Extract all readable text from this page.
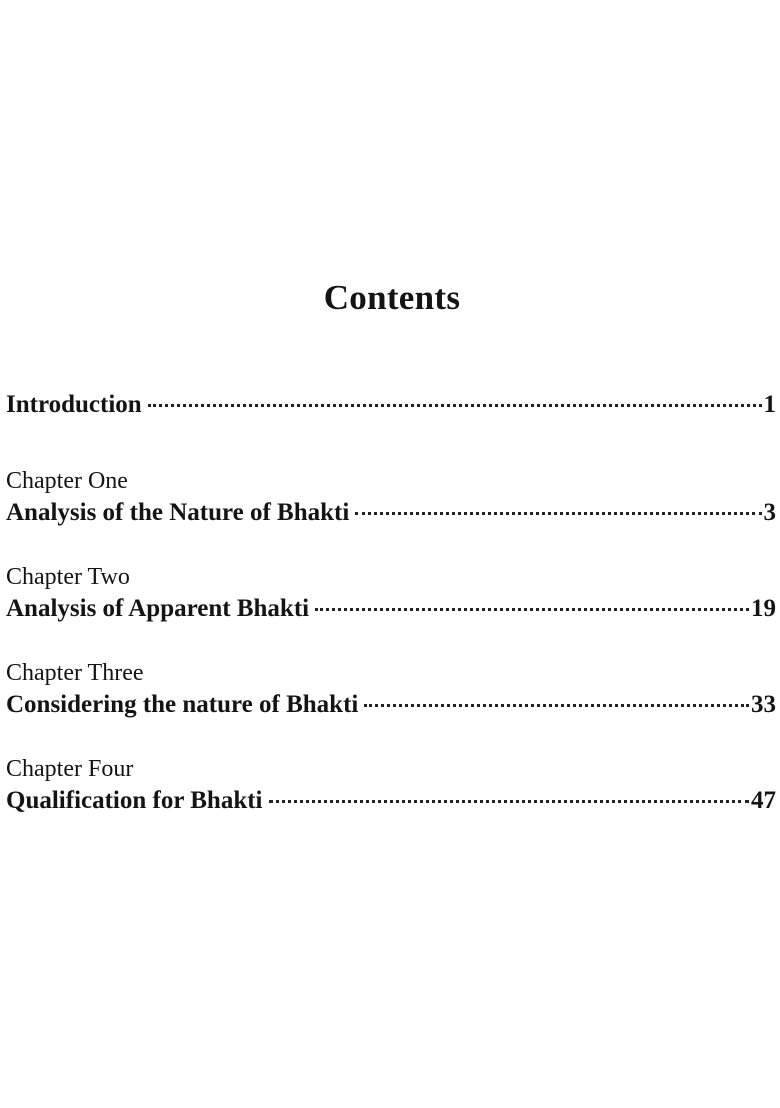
Contents
Introduction	1
Chapter One
Analysis of the Nature of Bhakti	3
Chapter Two
Analysis of Apparent Bhakti	19
Chapter Three
Considering the nature of Bhakti	33
Chapter Four
Qualification for Bhakti	47
